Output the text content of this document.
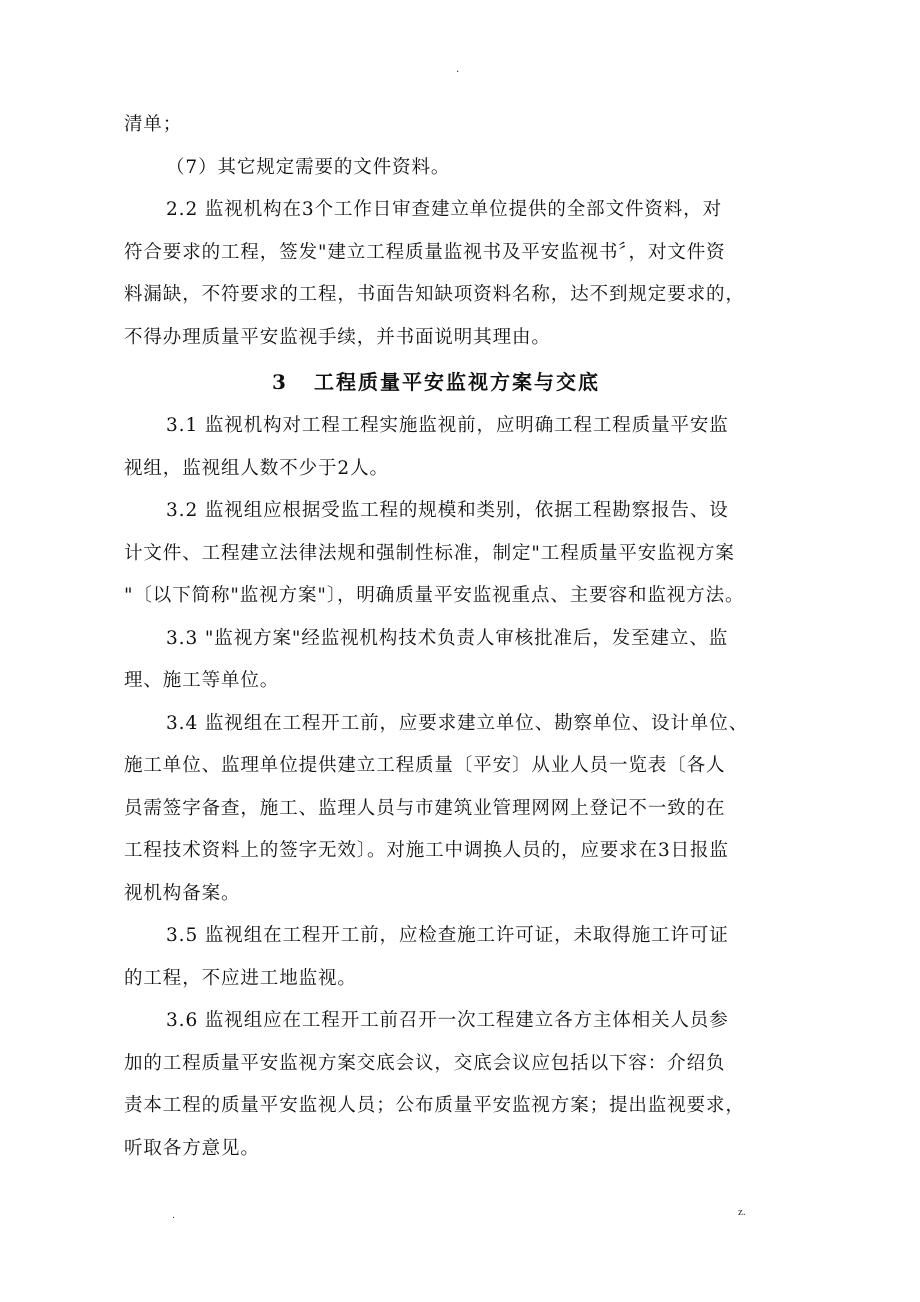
.
清单；
（7）其它规定需要的文件资料。
2.2 监视机构在3个工作日审查建立单位提供的全部文件资料，对
符合要求的工程，签发"建立工程质量监视书及平安监视书〞，对文件资
料漏缺，不符要求的工程，书面告知缺项资料名称，达不到规定要求的，
不得办理质量平安监视手续，并书面说明其理由。
3 工程质量平安监视方案与交底
3.1 监视机构对工程工程实施监视前，应明确工程工程质量平安监
视组，监视组人数不少于2人。
3.2 监视组应根据受监工程的规模和类别，依据工程勘察报告、设
计文件、工程建立法律法规和强制性标准，制定"工程质量平安监视方案
"〔以下简称"监视方案"〕，明确质量平安监视重点、主要容和监视方法。
3.3 "监视方案"经监视机构技术负责人审核批准后，发至建立、监
理、施工等单位。
3.4 监视组在工程开工前，应要求建立单位、勘察单位、设计单位、
施工单位、监理单位提供建立工程质量〔平安〕从业人员一览表〔各人
员需签字备查，施工、监理人员与市建筑业管理网网上登记不一致的在
工程技术资料上的签字无效〕。对施工中调换人员的，应要求在3日报监
视机构备案。
3.5 监视组在工程开工前，应检查施工许可证，未取得施工许可证
的工程，不应进工地监视。
3.6 监视组应在工程开工前召开一次工程建立各方主体相关人员参
加的工程质量平安监视方案交底会议，交底会议应包括以下容：介绍负
责本工程的质量平安监视人员；公布质量平安监视方案；提出监视要求，
听取各方意见。
.	z.
